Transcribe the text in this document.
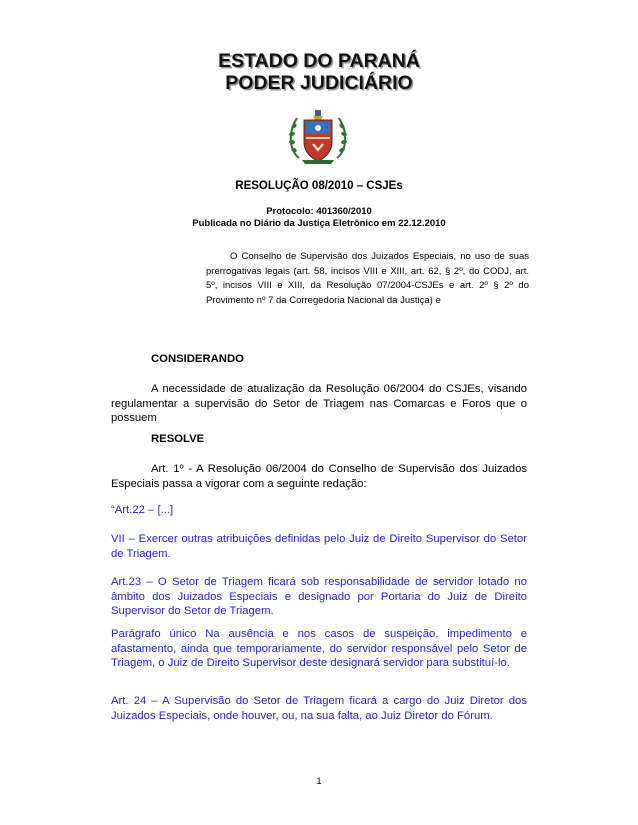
ESTADO DO PARANÁ
PODER JUDICIÁRIO
RESOLUÇÃO 08/2010 – CSJEs
Protocolo: 401360/2010
Publicada no Diário da Justiça Eletrônico em 22.12.2010
O Conselho de Supervisão dos Juizados Especiais, no uso de suas prerrogativas legais (art. 58, incisos VIII e XIII, art. 62, § 2º, do CODJ, art. 5º, incisos VIII e XIII, da Resolução 07/2004-CSJEs e art. 2º § 2º do Provimento nº 7 da Corregedoria Nacional da Justiça) e
CONSIDERANDO
A necessidade de atualização da Resolução 06/2004 do CSJEs, visando regulamentar a supervisão do Setor de Triagem nas Comarcas e Foros que o possuem
RESOLVE
Art. 1º - A Resolução 06/2004 do Conselho de Supervisão dos Juizados Especiais passa a vigorar com a seguinte redação:
“Art.22 – [...]
VII – Exercer outras atribuições definidas pelo Juiz de Direito Supervisor do Setor de Triagem.
Art.23 – O Setor de Triagem ficará sob responsabilidade de servidor lotado no âmbito dos Juizados Especiais e designado por Portaria do Juiz de Direito Supervisor do Setor de Triagem.
Parágrafo único Na ausência e nos casos de suspeição, impedimento e afastamento, ainda que temporariamente, do servidor responsável pelo Setor de Triagem, o Juiz de Direito Supervisor deste designará servidor para substituí-lo.
Art. 24 – A Supervisão do Setor de Triagem ficará a cargo do Juiz Diretor dos Juizados Especiais, onde houver, ou, na sua falta, ao Juiz Diretor do Fórum.
1
